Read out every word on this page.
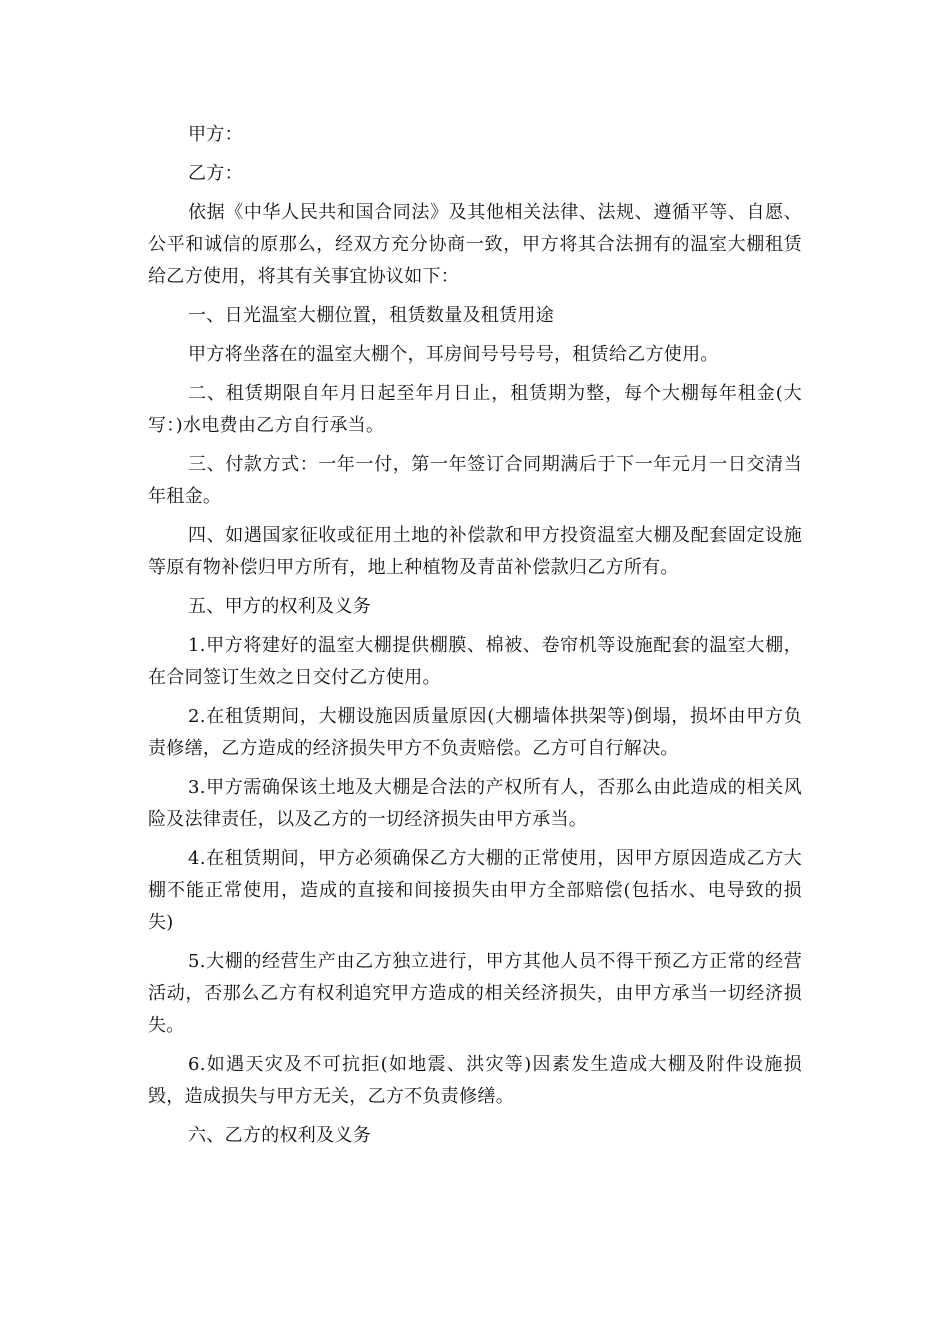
甲方：

乙方：

依据《中华人民共和国合同法》及其他相关法律、法规、遵循平等、自愿、公平和诚信的原那么，经双方充分协商一致，甲方将其合法拥有的温室大棚租赁给乙方使用，将其有关事宜协议如下：

一、日光温室大棚位置，租赁数量及租赁用途

甲方将坐落在的温室大棚个，耳房间号号号号，租赁给乙方使用。

二、租赁期限自年月日起至年月日止，租赁期为整，每个大棚每年租金(大写：)水电费由乙方自行承当。

三、付款方式：一年一付，第一年签订合同期满后于下一年元月一日交清当年租金。

四、如遇国家征收或征用土地的补偿款和甲方投资温室大棚及配套固定设施等原有物补偿归甲方所有，地上种植物及青苗补偿款归乙方所有。

五、甲方的权利及义务

1.甲方将建好的温室大棚提供棚膜、棉被、卷帘机等设施配套的温室大棚，在合同签订生效之日交付乙方使用。

2.在租赁期间，大棚设施因质量原因(大棚墙体拱架等)倒塌，损坏由甲方负责修缮，乙方造成的经济损失甲方不负责赔偿。乙方可自行解决。

3.甲方需确保该土地及大棚是合法的产权所有人，否那么由此造成的相关风险及法律责任，以及乙方的一切经济损失由甲方承当。

4.在租赁期间，甲方必须确保乙方大棚的正常使用，因甲方原因造成乙方大棚不能正常使用，造成的直接和间接损失由甲方全部赔偿(包括水、电导致的损失)

5.大棚的经营生产由乙方独立进行，甲方其他人员不得干预乙方正常的经营活动，否那么乙方有权利追究甲方造成的相关经济损失，由甲方承当一切经济损失。

6.如遇天灾及不可抗拒(如地震、洪灾等)因素发生造成大棚及附件设施损毁，造成损失与甲方无关，乙方不负责修缮。

六、乙方的权利及义务
